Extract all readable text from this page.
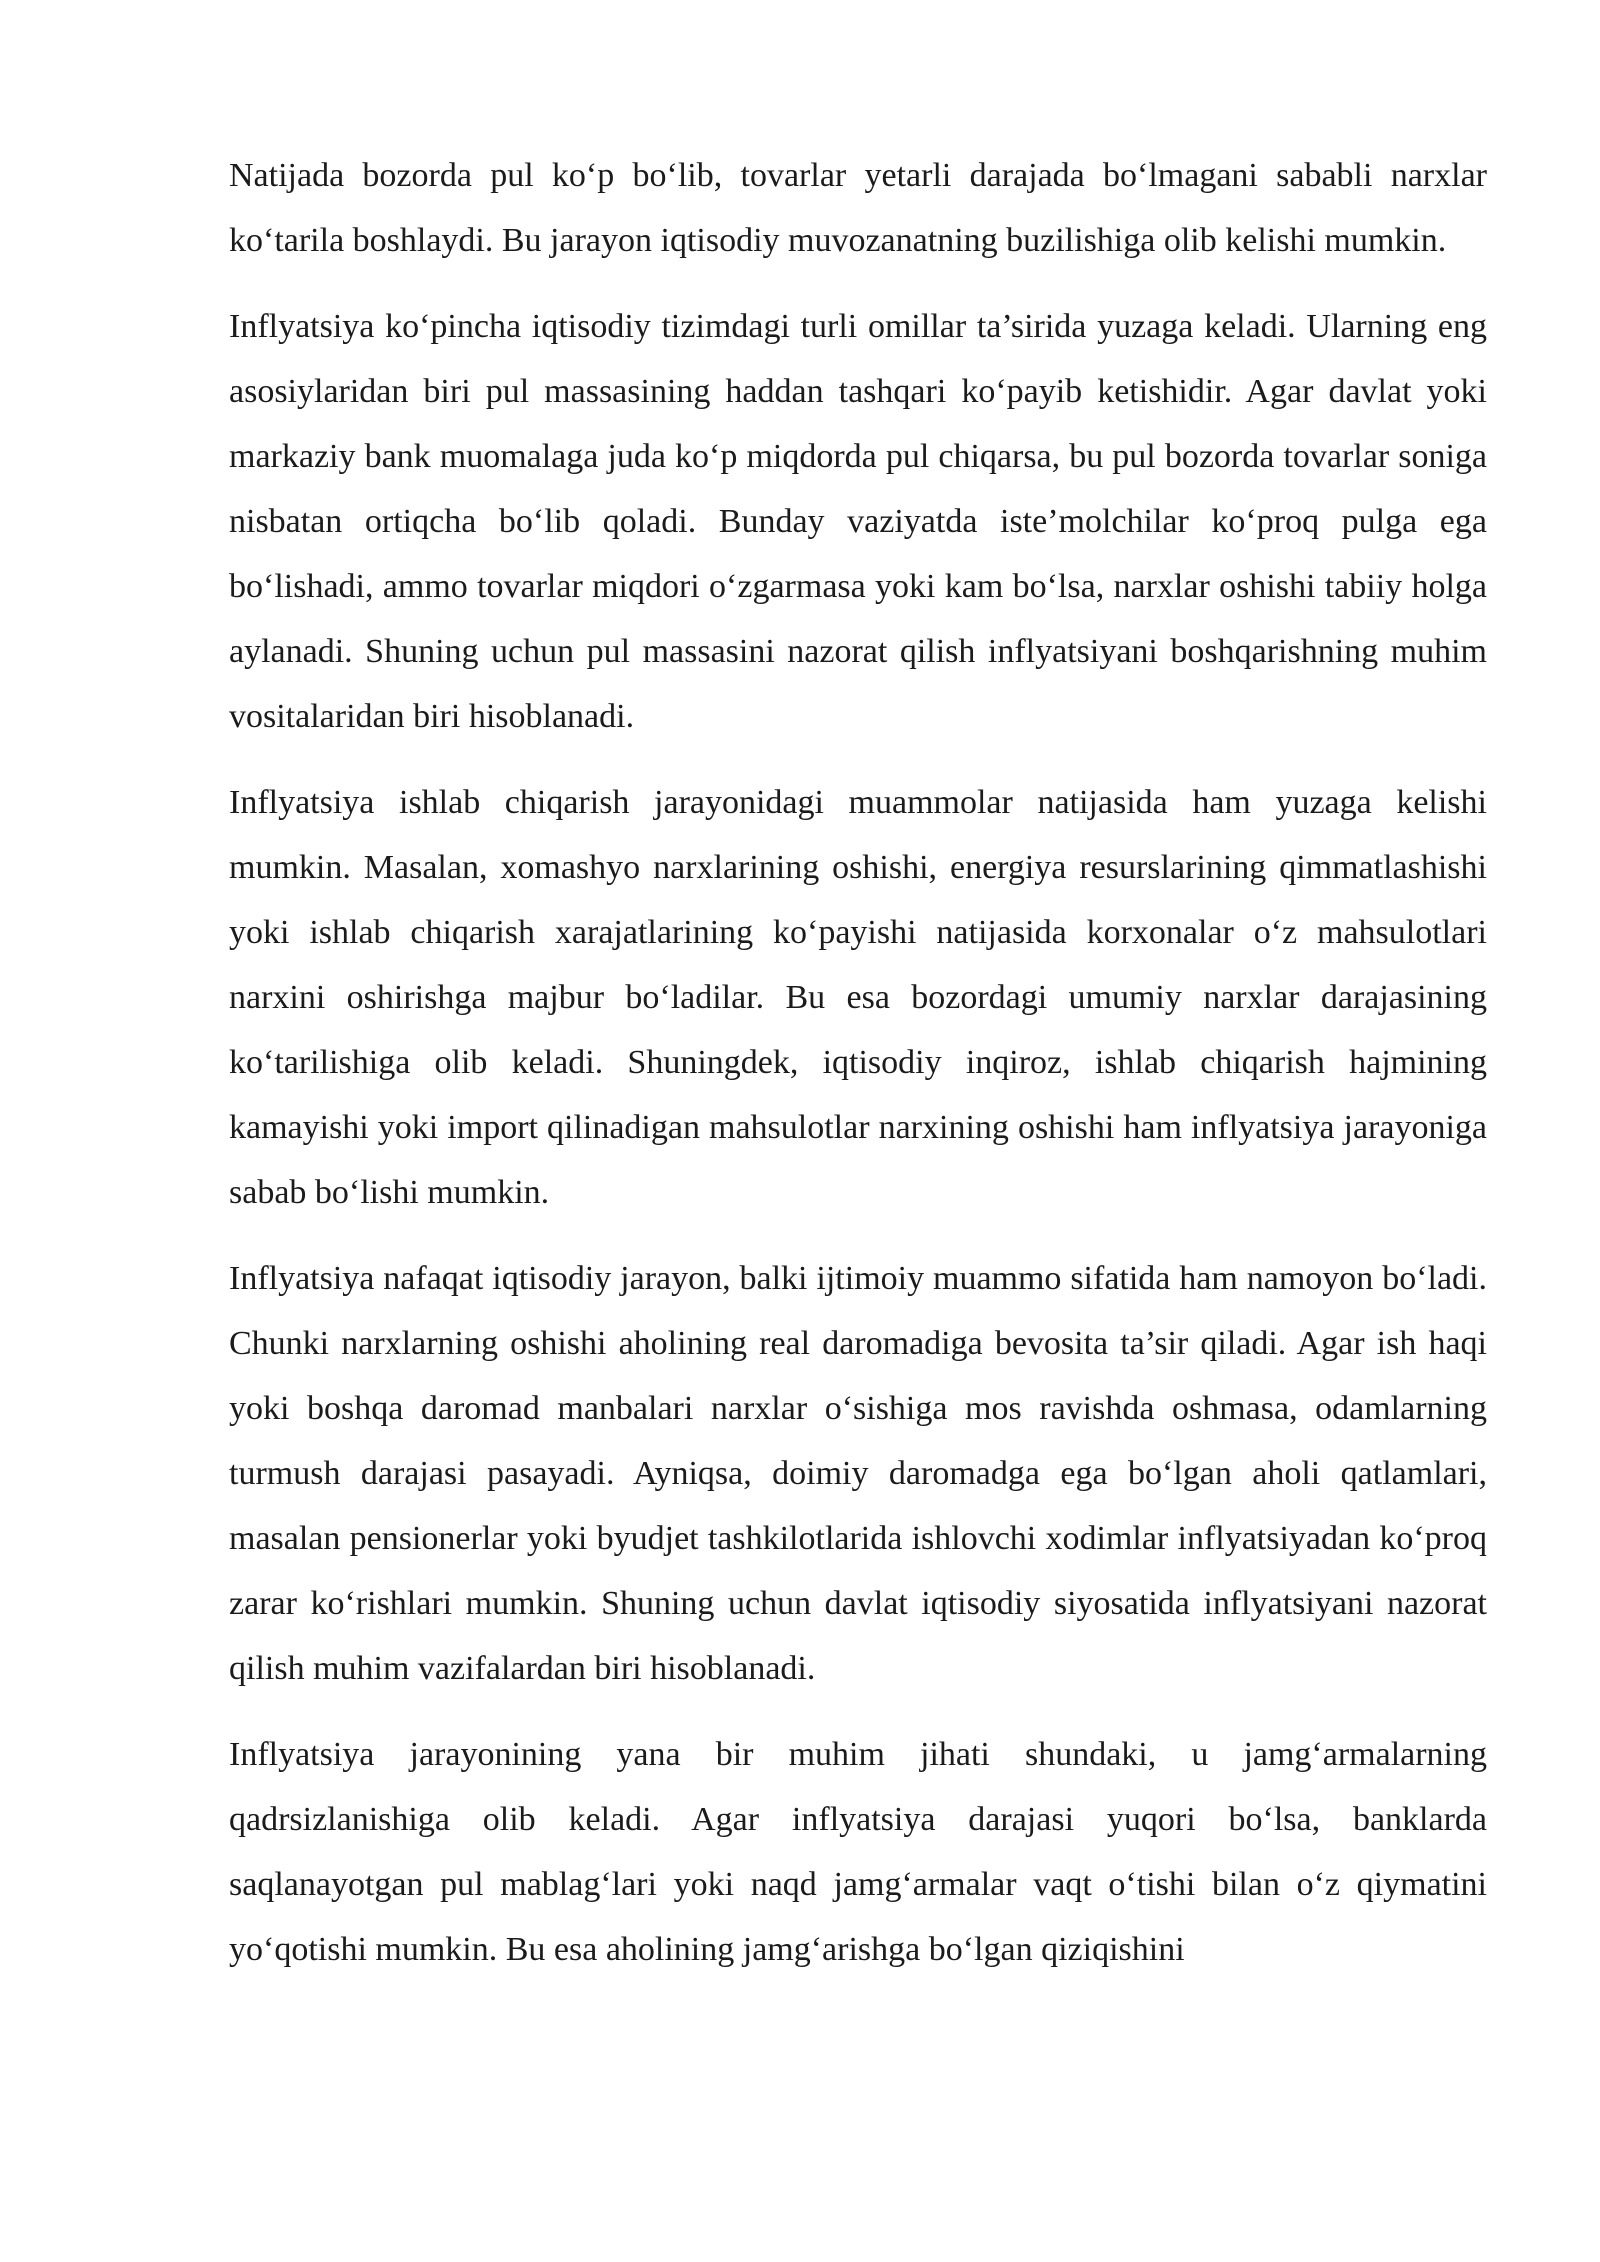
Natijada bozorda pul ko‘p bo‘lib, tovarlar yetarli darajada bo‘lmagani sababli narxlar ko‘tarila boshlaydi. Bu jarayon iqtisodiy muvozanatning buzilishiga olib kelishi mumkin.

Inflyatsiya ko‘pincha iqtisodiy tizimdagi turli omillar ta’sirida yuzaga keladi. Ularning eng asosiylaridan biri pul massasining haddan tashqari ko‘payib ketishidir. Agar davlat yoki markaziy bank muomalaga juda ko‘p miqdorda pul chiqarsa, bu pul bozorda tovarlar soniga nisbatan ortiqcha bo‘lib qoladi. Bunday vaziyatda iste’molchilar ko‘proq pulga ega bo‘lishadi, ammo tovarlar miqdori o‘zgarmasa yoki kam bo‘lsa, narxlar oshishi tabiiy holga aylanadi. Shuning uchun pul massasini nazorat qilish inflyatsiyani boshqarishning muhim vositalaridan biri hisoblanadi.

Inflyatsiya ishlab chiqarish jarayonidagi muammolar natijasida ham yuzaga kelishi mumkin. Masalan, xomashyo narxlarining oshishi, energiya resurslarining qimmatlashishi yoki ishlab chiqarish xarajatlarining ko‘payishi natijasida korxonalar o‘z mahsulotlari narxini oshirishga majbur bo‘ladilar. Bu esa bozordagi umumiy narxlar darajasining ko‘tarilishiga olib keladi. Shuningdek, iqtisodiy inqiroz, ishlab chiqarish hajmining kamayishi yoki import qilinadigan mahsulotlar narxining oshishi ham inflyatsiya jarayoniga sabab bo‘lishi mumkin.

Inflyatsiya nafaqat iqtisodiy jarayon, balki ijtimoiy muammo sifatida ham namoyon bo‘ladi. Chunki narxlarning oshishi aholining real daromadiga bevosita ta’sir qiladi. Agar ish haqi yoki boshqa daromad manbalari narxlar o‘sishiga mos ravishda oshmasa, odamlarning turmush darajasi pasayadi. Ayniqsa, doimiy daromadga ega bo‘lgan aholi qatlamlari, masalan pensionerlar yoki byudjet tashkilotlarida ishlovchi xodimlar inflyatsiyadan ko‘proq zarar ko‘rishlari mumkin. Shuning uchun davlat iqtisodiy siyosatida inflyatsiyani nazorat qilish muhim vazifalardan biri hisoblanadi.

Inflyatsiya jarayonining yana bir muhim jihati shundaki, u jamg‘armalarning qadrsizlanishiga olib keladi. Agar inflyatsiya darajasi yuqori bo‘lsa, banklarda saqlanayotgan pul mablag‘lari yoki naqd jamg‘armalar vaqt o‘tishi bilan o‘z qiymatini yo‘qotishi mumkin. Bu esa aholining jamg‘arishga bo‘lgan qiziqishini
